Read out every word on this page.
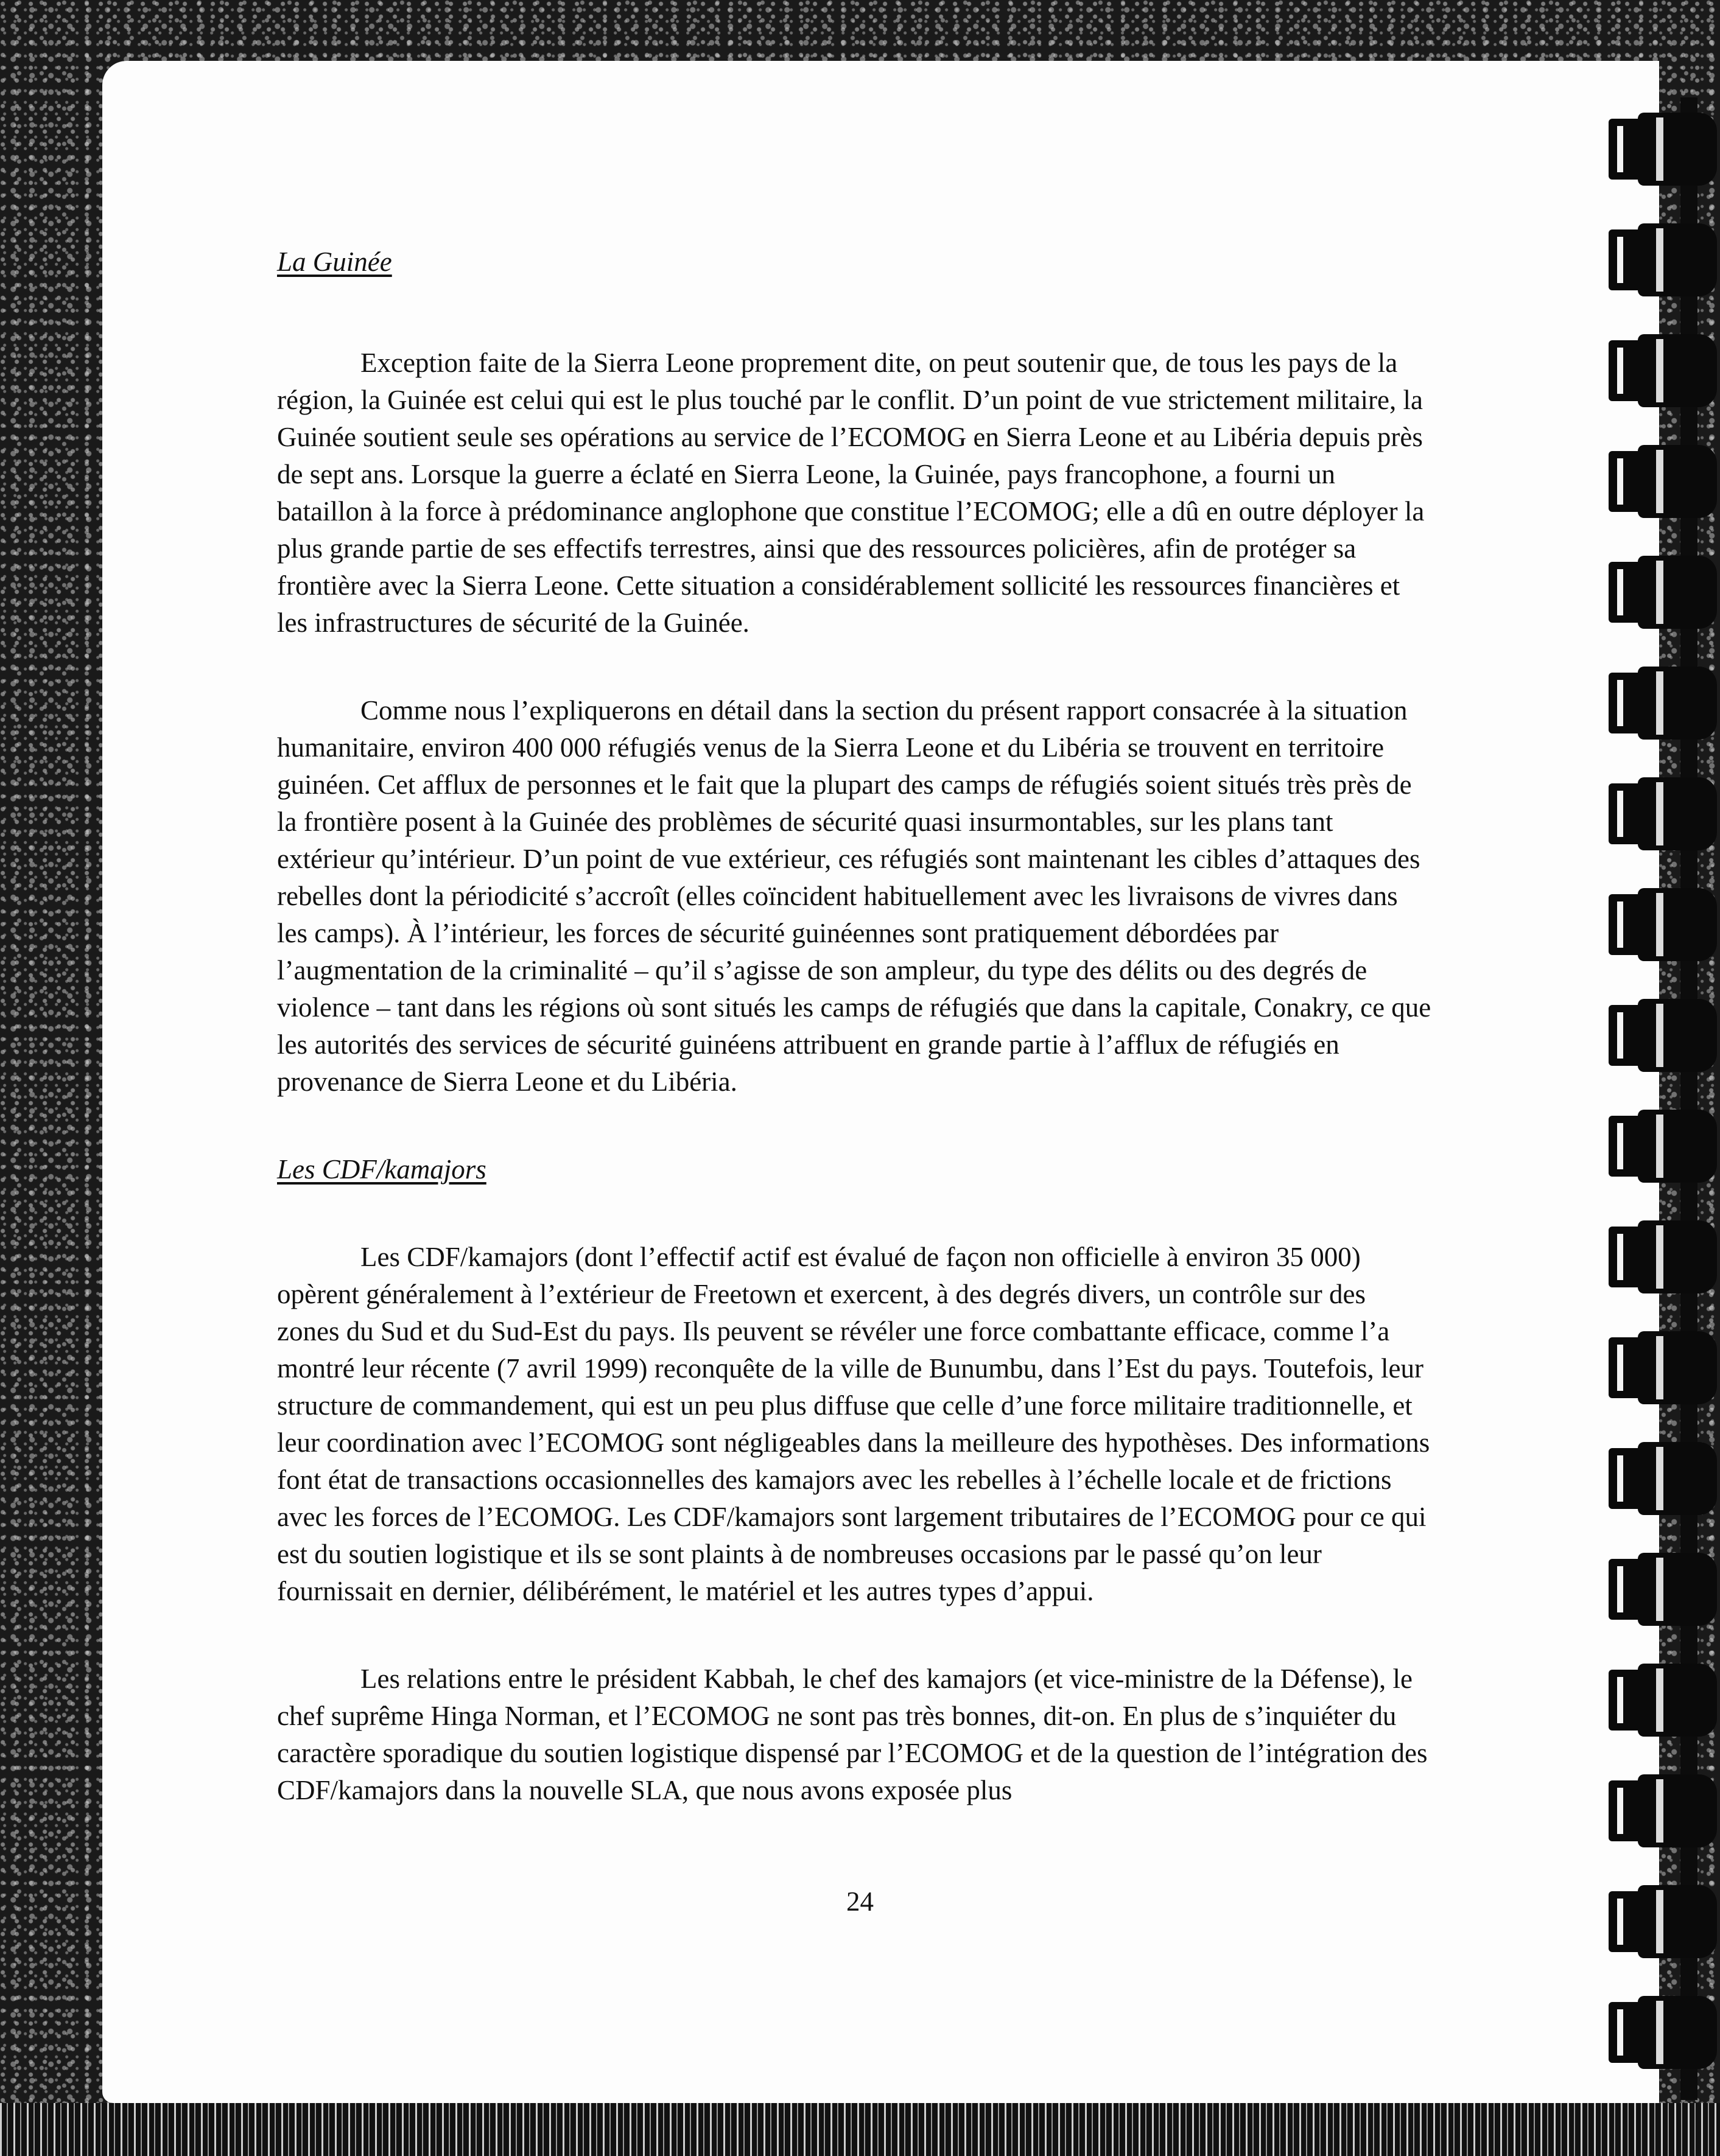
La Guinée

Exception faite de la Sierra Leone proprement dite, on peut soutenir que, de tous les pays de la région, la Guinée est celui qui est le plus touché par le conflit. D’un point de vue strictement militaire, la Guinée soutient seule ses opérations au service de l’ECOMOG en Sierra Leone et au Libéria depuis près de sept ans. Lorsque la guerre a éclaté en Sierra Leone, la Guinée, pays francophone, a fourni un bataillon à la force à prédominance anglophone que constitue l’ECOMOG; elle a dû en outre déployer la plus grande partie de ses effectifs terrestres, ainsi que des ressources policières, afin de protéger sa frontière avec la Sierra Leone. Cette situation a considérablement sollicité les ressources financières et les infrastructures de sécurité de la Guinée.

Comme nous l’expliquerons en détail dans la section du présent rapport consacrée à la situation humanitaire, environ 400 000 réfugiés venus de la Sierra Leone et du Libéria se trouvent en territoire guinéen. Cet afflux de personnes et le fait que la plupart des camps de réfugiés soient situés très près de la frontière posent à la Guinée des problèmes de sécurité quasi insurmontables, sur les plans tant extérieur qu’intérieur. D’un point de vue extérieur, ces réfugiés sont maintenant les cibles d’attaques des rebelles dont la périodicité s’accroît (elles coïncident habituellement avec les livraisons de vivres dans les camps). À l’intérieur, les forces de sécurité guinéennes sont pratiquement débordées par l’augmentation de la criminalité – qu’il s’agisse de son ampleur, du type des délits ou des degrés de violence – tant dans les régions où sont situés les camps de réfugiés que dans la capitale, Conakry, ce que les autorités des services de sécurité guinéens attribuent en grande partie à l’afflux de réfugiés en provenance de Sierra Leone et du Libéria.

Les CDF/kamajors

Les CDF/kamajors (dont l’effectif actif est évalué de façon non officielle à environ 35 000) opèrent généralement à l’extérieur de Freetown et exercent, à des degrés divers, un contrôle sur des zones du Sud et du Sud-Est du pays. Ils peuvent se révéler une force combattante efficace, comme l’a montré leur récente (7 avril 1999) reconquête de la ville de Bunumbu, dans l’Est du pays. Toutefois, leur structure de commandement, qui est un peu plus diffuse que celle d’une force militaire traditionnelle, et leur coordination avec l’ECOMOG sont négligeables dans la meilleure des hypothèses. Des informations font état de transactions occasionnelles des kamajors avec les rebelles à l’échelle locale et de frictions avec les forces de l’ECOMOG. Les CDF/kamajors sont largement tributaires de l’ECOMOG pour ce qui est du soutien logistique et ils se sont plaints à de nombreuses occasions par le passé qu’on leur fournissait en dernier, délibérément, le matériel et les autres types d’appui.

Les relations entre le président Kabbah, le chef des kamajors (et vice-ministre de la Défense), le chef suprême Hinga Norman, et l’ECOMOG ne sont pas très bonnes, dit-on. En plus de s’inquiéter du caractère sporadique du soutien logistique dispensé par l’ECOMOG et de la question de l’intégration des CDF/kamajors dans la nouvelle SLA, que nous avons exposée plus

24
